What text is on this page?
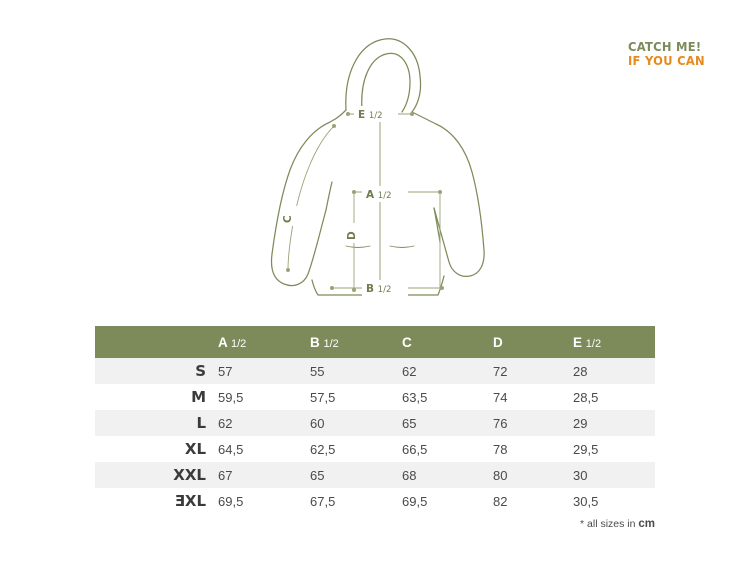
CATCH ME!
IF YOU CAN
E 1/2
A 1/2
B 1/2
C
D
	A 1/2	B 1/2	C	D	E 1/2
S	57	55	62	72	28
M	59,5	57,5	63,5	74	28,5
L	62	60	65	76	29
XL	64,5	62,5	66,5	78	29,5
XXL	67	65	68	80	30
EXL	69,5	67,5	69,5	82	30,5
* all sizes in cm
